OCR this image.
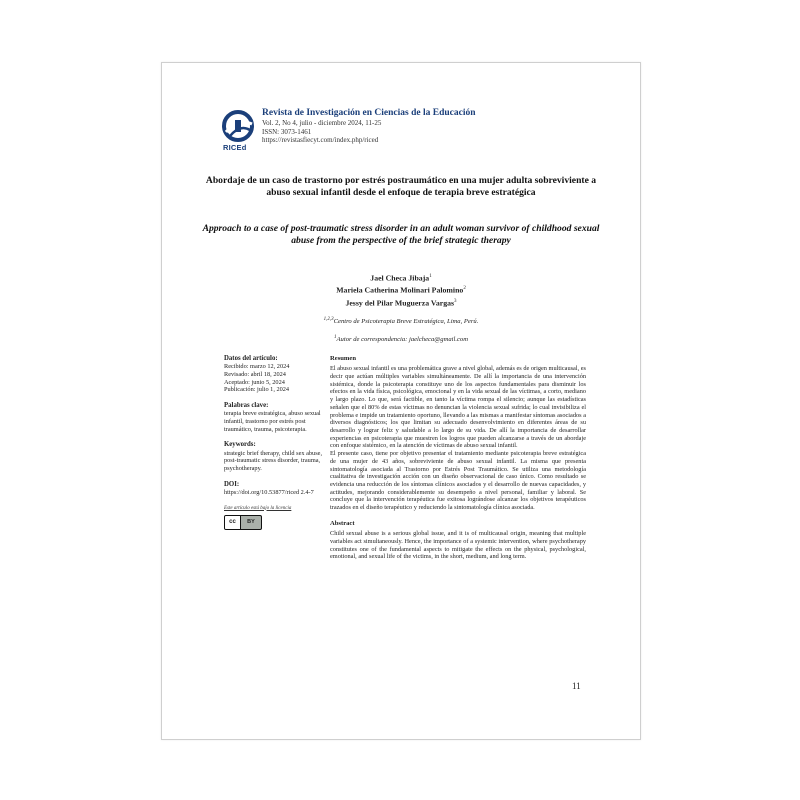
RICEd
Revista de Investigación en Ciencias de la Educación
Vol. 2, No 4, julio - diciembre 2024, 11-25
ISSN: 3073-1461
https://revistasfiecyt.com/index.php/riced
Abordaje de un caso de trastorno por estrés postraumático en una mujer adulta sobreviviente a abuso sexual infantil desde el enfoque de terapia breve estratégica
Approach to a case of post-traumatic stress disorder in an adult woman survivor of childhood sexual abuse from the perspective of the brief strategic therapy
Jael Checa Jibaja$^1$
Mariela Catherina Molinari Palomino$^2$
Jessy del Pilar Muguerza Vargas$^3$
$^{1,2,3}$Centro de Psicoterapia Breve Estratégica, Lima, Perú.
$^1$Autor de correspondencia: jaelcheca@gmail.com
Datos del artículo:
Recibido: marzo 12, 2024
Revisado: abril 18, 2024
Aceptado: junio 5, 2024
Publicación: julio 1, 2024
Palabras clave:
terapia breve estratégica, abuso sexual infantil, trastorno por estrés post traumático, trauma, psicoterapia.
Keywords:
strategic brief therapy, child sex abuse, post-traumatic stress disorder, trauma, psychotherapy.
DOI:
https://doi.org/10.53877/riced 2.4-7
Este artículo está bajo la licencia
cc	BY
Resumen

El abuso sexual infantil es una problemática grave a nivel global, además es de origen multicausal, es decir que actúan múltiples variables simultáneamente. De allí la importancia de una intervención sistémica, donde la psicoterapia constituye uno de los aspectos fundamentales para disminuir los efectos en la vida física, psicológica, emocional y en la vida sexual de las víctimas, a corto, mediano y largo plazo. Lo que, será factible, en tanto la víctima rompa el silencio; aunque las estadísticas señalen que el 80% de estas víctimas no denuncian la violencia sexual sufrida; lo cual invisibiliza el problema e impide un tratamiento oportuno, llevando a las mismas a manifestar síntomas asociados a diversos diagnósticos; los que limitan su adecuado desenvolvimiento en diferentes áreas de su desarrollo y lograr feliz y saludable a lo largo de su vida. De allí la importancia de desarrollar experiencias en psicoterapia que muestren los logros que pueden alcanzarse a través de un abordaje con enfoque sistémico, en la atención de víctimas de abuso sexual infantil.

El presente caso, tiene por objetivo presentar el tratamiento mediante psicoterapia breve estratégica de una mujer de 43 años, sobreviviente de abuso sexual infantil. La misma que presenta sintomatología asociada al Trastorno por Estrés Post Traumático. Se utiliza una metodología cualitativa de investigación acción con un diseño observacional de caso único. Como resultado se evidencia una reducción de los síntomas clínicos asociados y el desarrollo de nuevas capacidades, y actitudes, mejorando considerablemente su desempeño a nivel personal, familiar y laboral. Se concluye que la intervención terapéutica fue exitosa lográndose alcanzar los objetivos terapéuticos trazados en el diseño terapéutico y reduciendo la sintomatología clínica asociada.

Abstract

Child sexual abuse is a serious global issue, and it is of multicausal origin, meaning that multiple variables act simultaneously. Hence, the importance of a systemic intervention, where psychotherapy constitutes one of the fundamental aspects to mitigate the effects on the physical, psychological, emotional, and sexual life of the victims, in the short, medium, and long term.

11
